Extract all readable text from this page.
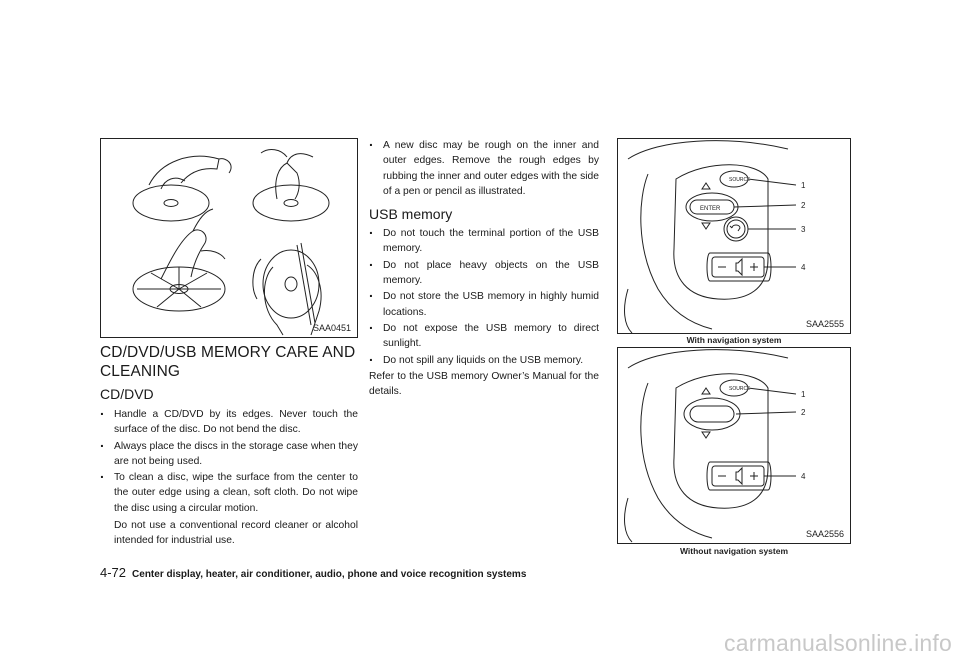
SAA0451
CD/DVD/USB MEMORY CARE AND CLEANING
CD/DVD
. Handle a CD/DVD by its edges. Never touch the surface of the disc. Do not bend the disc.
. Always place the discs in the storage case when they are not being used.
. To clean a disc, wipe the surface from the center to the outer edge using a clean, soft cloth. Do not wipe the disc using a circular motion.
Do not use a conventional record cleaner or alcohol intended for industrial use.
. A new disc may be rough on the inner and outer edges. Remove the rough edges by rubbing the inner and outer edges with the side of a pen or pencil as illustrated.
USB memory
. Do not touch the terminal portion of the USB memory.
. Do not place heavy objects on the USB memory.
. Do not store the USB memory in highly humid locations.
. Do not expose the USB memory to direct sunlight.
. Do not spill any liquids on the USB memory.
Refer to the USB memory Owner’s Manual for the details.
SOURCE
ENTER
1
2
3
4
SAA2555
With navigation system
SOURCE
1
2
4
SAA2556
Without navigation system
4-72 Center display, heater, air conditioner, audio, phone and voice recognition systems
carmanualsonline.info
